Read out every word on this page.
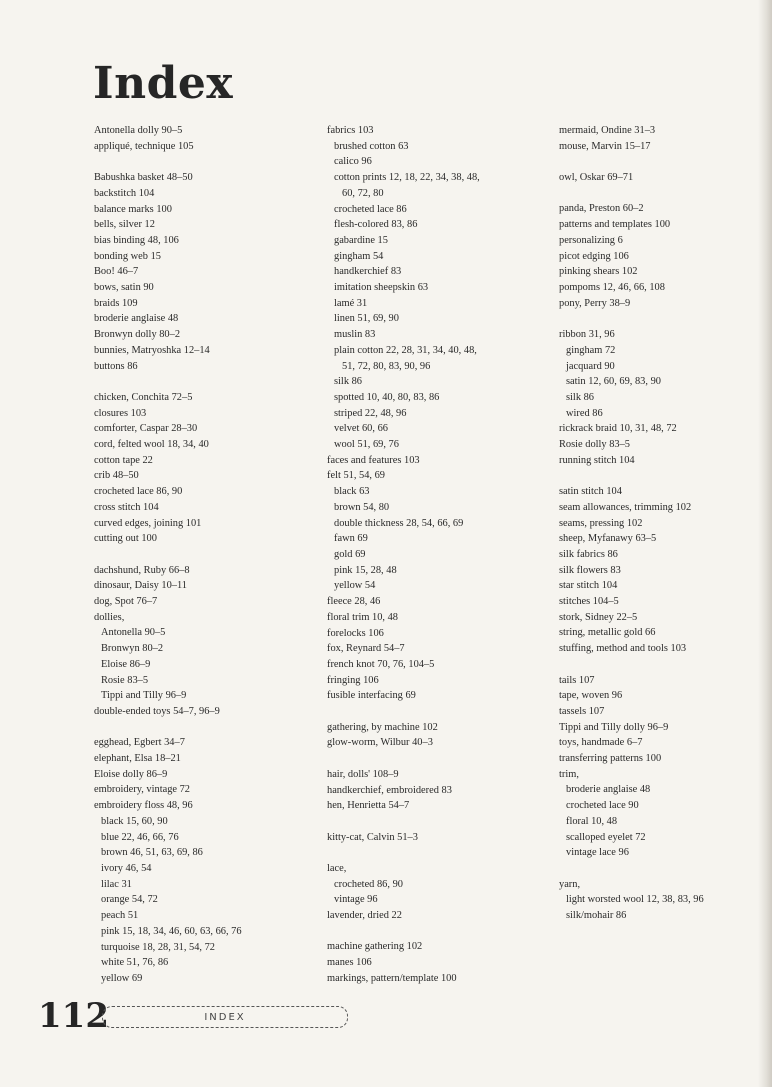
Index
Antonella dolly 90–5
appliqué, technique 105
Babushka basket 48–50
backstitch 104
balance marks 100
bells, silver 12
bias binding 48, 106
bonding web 15
Boo! 46–7
bows, satin 90
braids 109
broderie anglaise 48
Bronwyn dolly 80–2
bunnies, Matryoshka 12–14
buttons 86
chicken, Conchita 72–5
closures 103
comforter, Caspar 28–30
cord, felted wool 18, 34, 40
cotton tape 22
crib 48–50
crocheted lace 86, 90
cross stitch 104
curved edges, joining 101
cutting out 100
dachshund, Ruby 66–8
dinosaur, Daisy 10–11
dog, Spot 76–7
dollies,
Antonella 90–5
Bronwyn 80–2
Eloise 86–9
Rosie 83–5
Tippi and Tilly 96–9
double-ended toys 54–7, 96–9
egghead, Egbert 34–7
elephant, Elsa 18–21
Eloise dolly 86–9
embroidery, vintage 72
embroidery floss 48, 96
black 15, 60, 90
blue 22, 46, 66, 76
brown 46, 51, 63, 69, 86
ivory 46, 54
lilac 31
orange 54, 72
peach 51
pink 15, 18, 34, 46, 60, 63, 66, 76
turquoise 18, 28, 31, 54, 72
white 51, 76, 86
yellow 69
fabrics 103
brushed cotton 63
calico 96
cotton prints 12, 18, 22, 34, 38, 48,
60, 72, 80
crocheted lace 86
flesh-colored 83, 86
gabardine 15
gingham 54
handkerchief 83
imitation sheepskin 63
lamé 31
linen 51, 69, 90
muslin 83
plain cotton 22, 28, 31, 34, 40, 48,
51, 72, 80, 83, 90, 96
silk 86
spotted 10, 40, 80, 83, 86
striped 22, 48, 96
velvet 60, 66
wool 51, 69, 76
faces and features 103
felt 51, 54, 69
black 63
brown 54, 80
double thickness 28, 54, 66, 69
fawn 69
gold 69
pink 15, 28, 48
yellow 54
fleece 28, 46
floral trim 10, 48
forelocks 106
fox, Reynard 54–7
french knot 70, 76, 104–5
fringing 106
fusible interfacing 69
gathering, by machine 102
glow-worm, Wilbur 40–3
hair, dolls' 108–9
handkerchief, embroidered 83
hen, Henrietta 54–7
kitty-cat, Calvin 51–3
lace,
crocheted 86, 90
vintage 96
lavender, dried 22
machine gathering 102
manes 106
markings, pattern/template 100
mermaid, Ondine 31–3
mouse, Marvin 15–17
owl, Oskar 69–71
panda, Preston 60–2
patterns and templates 100
personalizing 6
picot edging 106
pinking shears 102
pompoms 12, 46, 66, 108
pony, Perry 38–9
ribbon 31, 96
gingham 72
jacquard 90
satin 12, 60, 69, 83, 90
silk 86
wired 86
rickrack braid 10, 31, 48, 72
Rosie dolly 83–5
running stitch 104
satin stitch 104
seam allowances, trimming 102
seams, pressing 102
sheep, Myfanawy 63–5
silk fabrics 86
silk flowers 83
star stitch 104
stitches 104–5
stork, Sidney 22–5
string, metallic gold 66
stuffing, method and tools 103
tails 107
tape, woven 96
tassels 107
Tippi and Tilly dolly 96–9
toys, handmade 6–7
transferring patterns 100
trim,
broderie anglaise 48
crocheted lace 90
floral 10, 48
scalloped eyelet 72
vintage lace 96
yarn,
light worsted wool 12, 38, 83, 96
silk/mohair 86
112	INDEX
